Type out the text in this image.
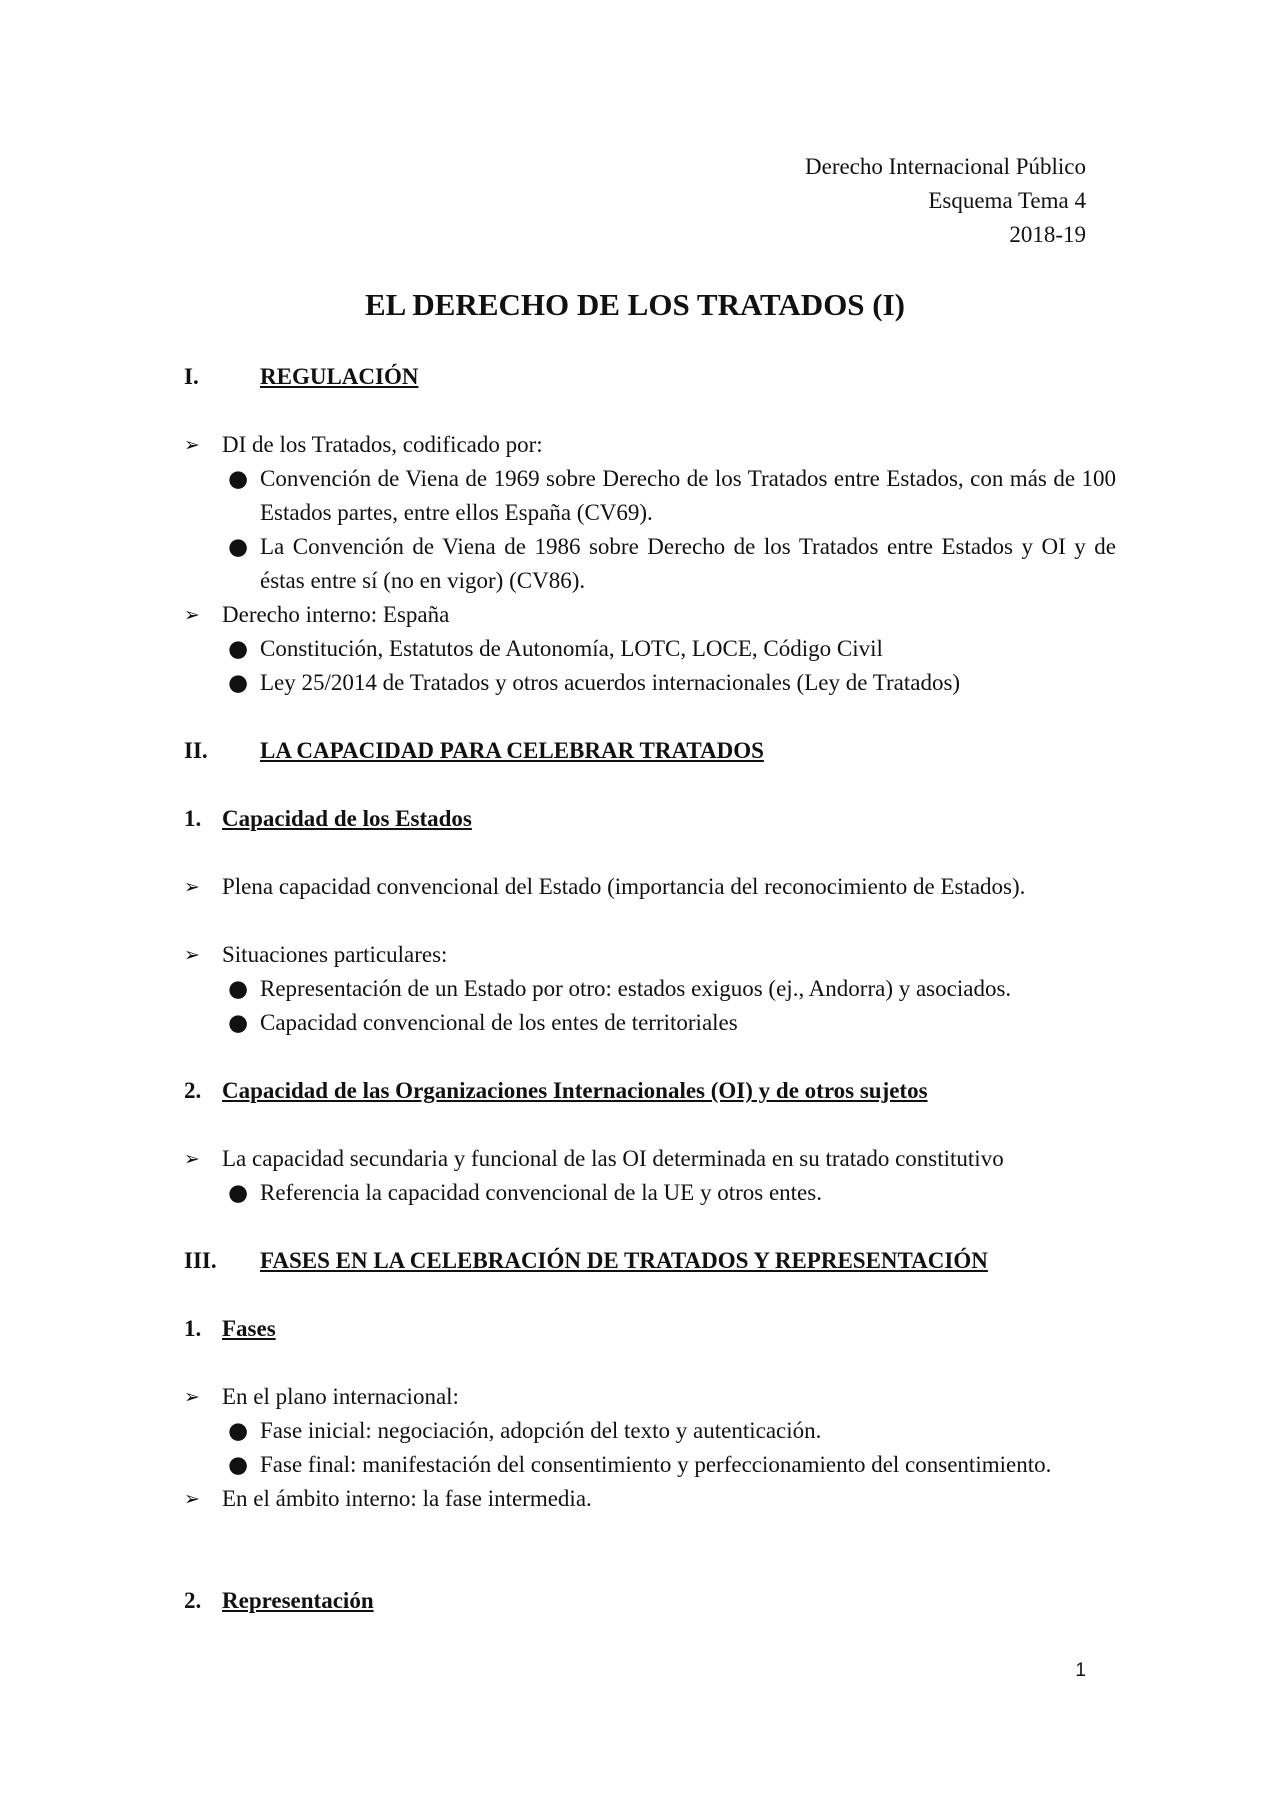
Derecho Internacional Público
Esquema Tema 4
2018-19
EL DERECHO DE LOS TRATADOS (I)
I.	REGULACIÓN
➢ DI de los Tratados, codificado por:
● Convención de Viena de 1969 sobre Derecho de los Tratados entre Estados, con más de 100 Estados partes, entre ellos España (CV69).
● La Convención de Viena de 1986 sobre Derecho de los Tratados entre Estados y OI y de éstas entre sí (no en vigor) (CV86).
➢ Derecho interno: España
● Constitución, Estatutos de Autonomía, LOTC, LOCE, Código Civil
● Ley 25/2014 de Tratados y otros acuerdos internacionales (Ley de Tratados)
II.	LA CAPACIDAD PARA CELEBRAR TRATADOS
1. Capacidad de los Estados
➢ Plena capacidad convencional del Estado (importancia del reconocimiento de Estados).
➢ Situaciones particulares:
● Representación de un Estado por otro: estados exiguos (ej., Andorra) y asociados.
● Capacidad convencional de los entes de territoriales
2. Capacidad de las Organizaciones Internacionales (OI) y de otros sujetos
➢ La capacidad secundaria y funcional de las OI determinada en su tratado constitutivo
● Referencia la capacidad convencional de la UE y otros entes.
III.	FASES EN LA CELEBRACIÓN DE TRATADOS Y REPRESENTACIÓN
1. Fases
➢ En el plano internacional:
● Fase inicial: negociación, adopción del texto y autenticación.
● Fase final: manifestación del consentimiento y perfeccionamiento del consentimiento.
➢ En el ámbito interno: la fase intermedia.
2. Representación
1
